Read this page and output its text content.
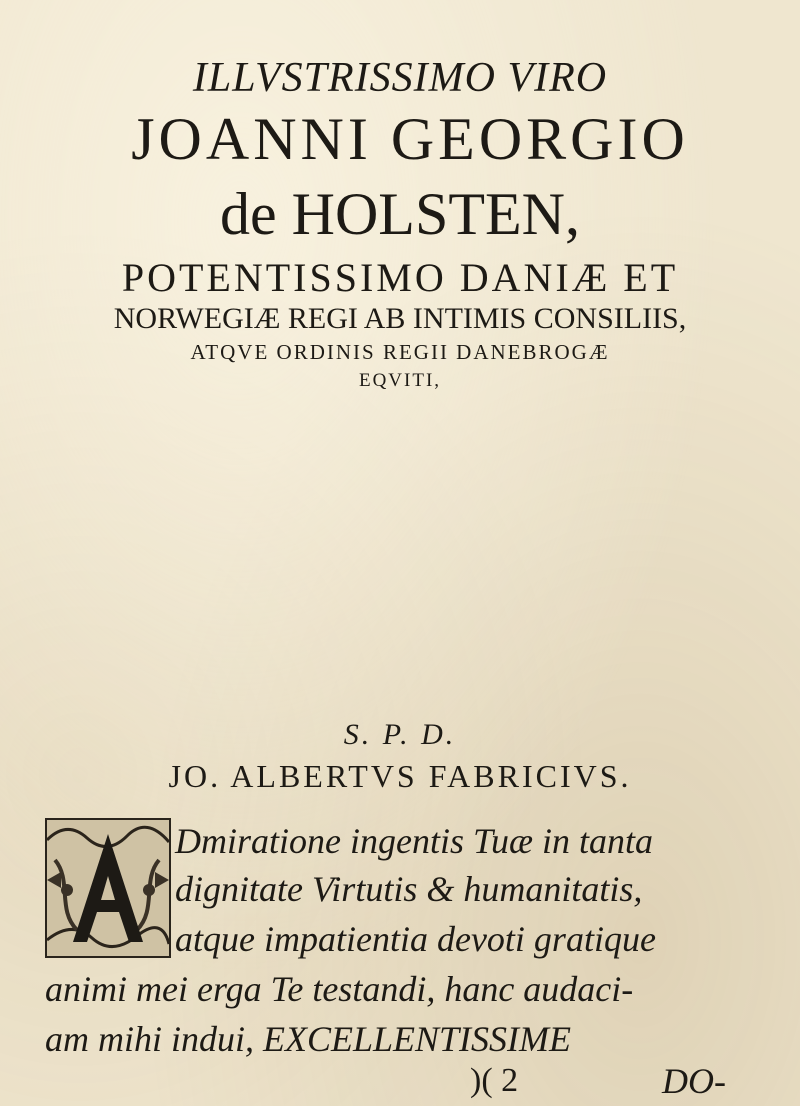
ILLVSTRISSIMO VIRO
JOANNI GEORGIO
de HOLSTEN,
POTENTISSIMO DANIÆ ET
NORWEGIÆ REGI AB INTIMIS CONSILIIS,
ATQVE ORDINIS REGII DANEBROGÆ
EQVITI,
S. P. D.
JO. ALBERTVS FABRICIVS.
Dmiratione ingentis Tuæ in tanta
dignitate Virtutis & humanitatis,
atque impatientia devoti gratique
animi mei erga Te testandi, hanc audaci-
am mihi indui, EXCELLENTISSIME
)( 2	DO-
